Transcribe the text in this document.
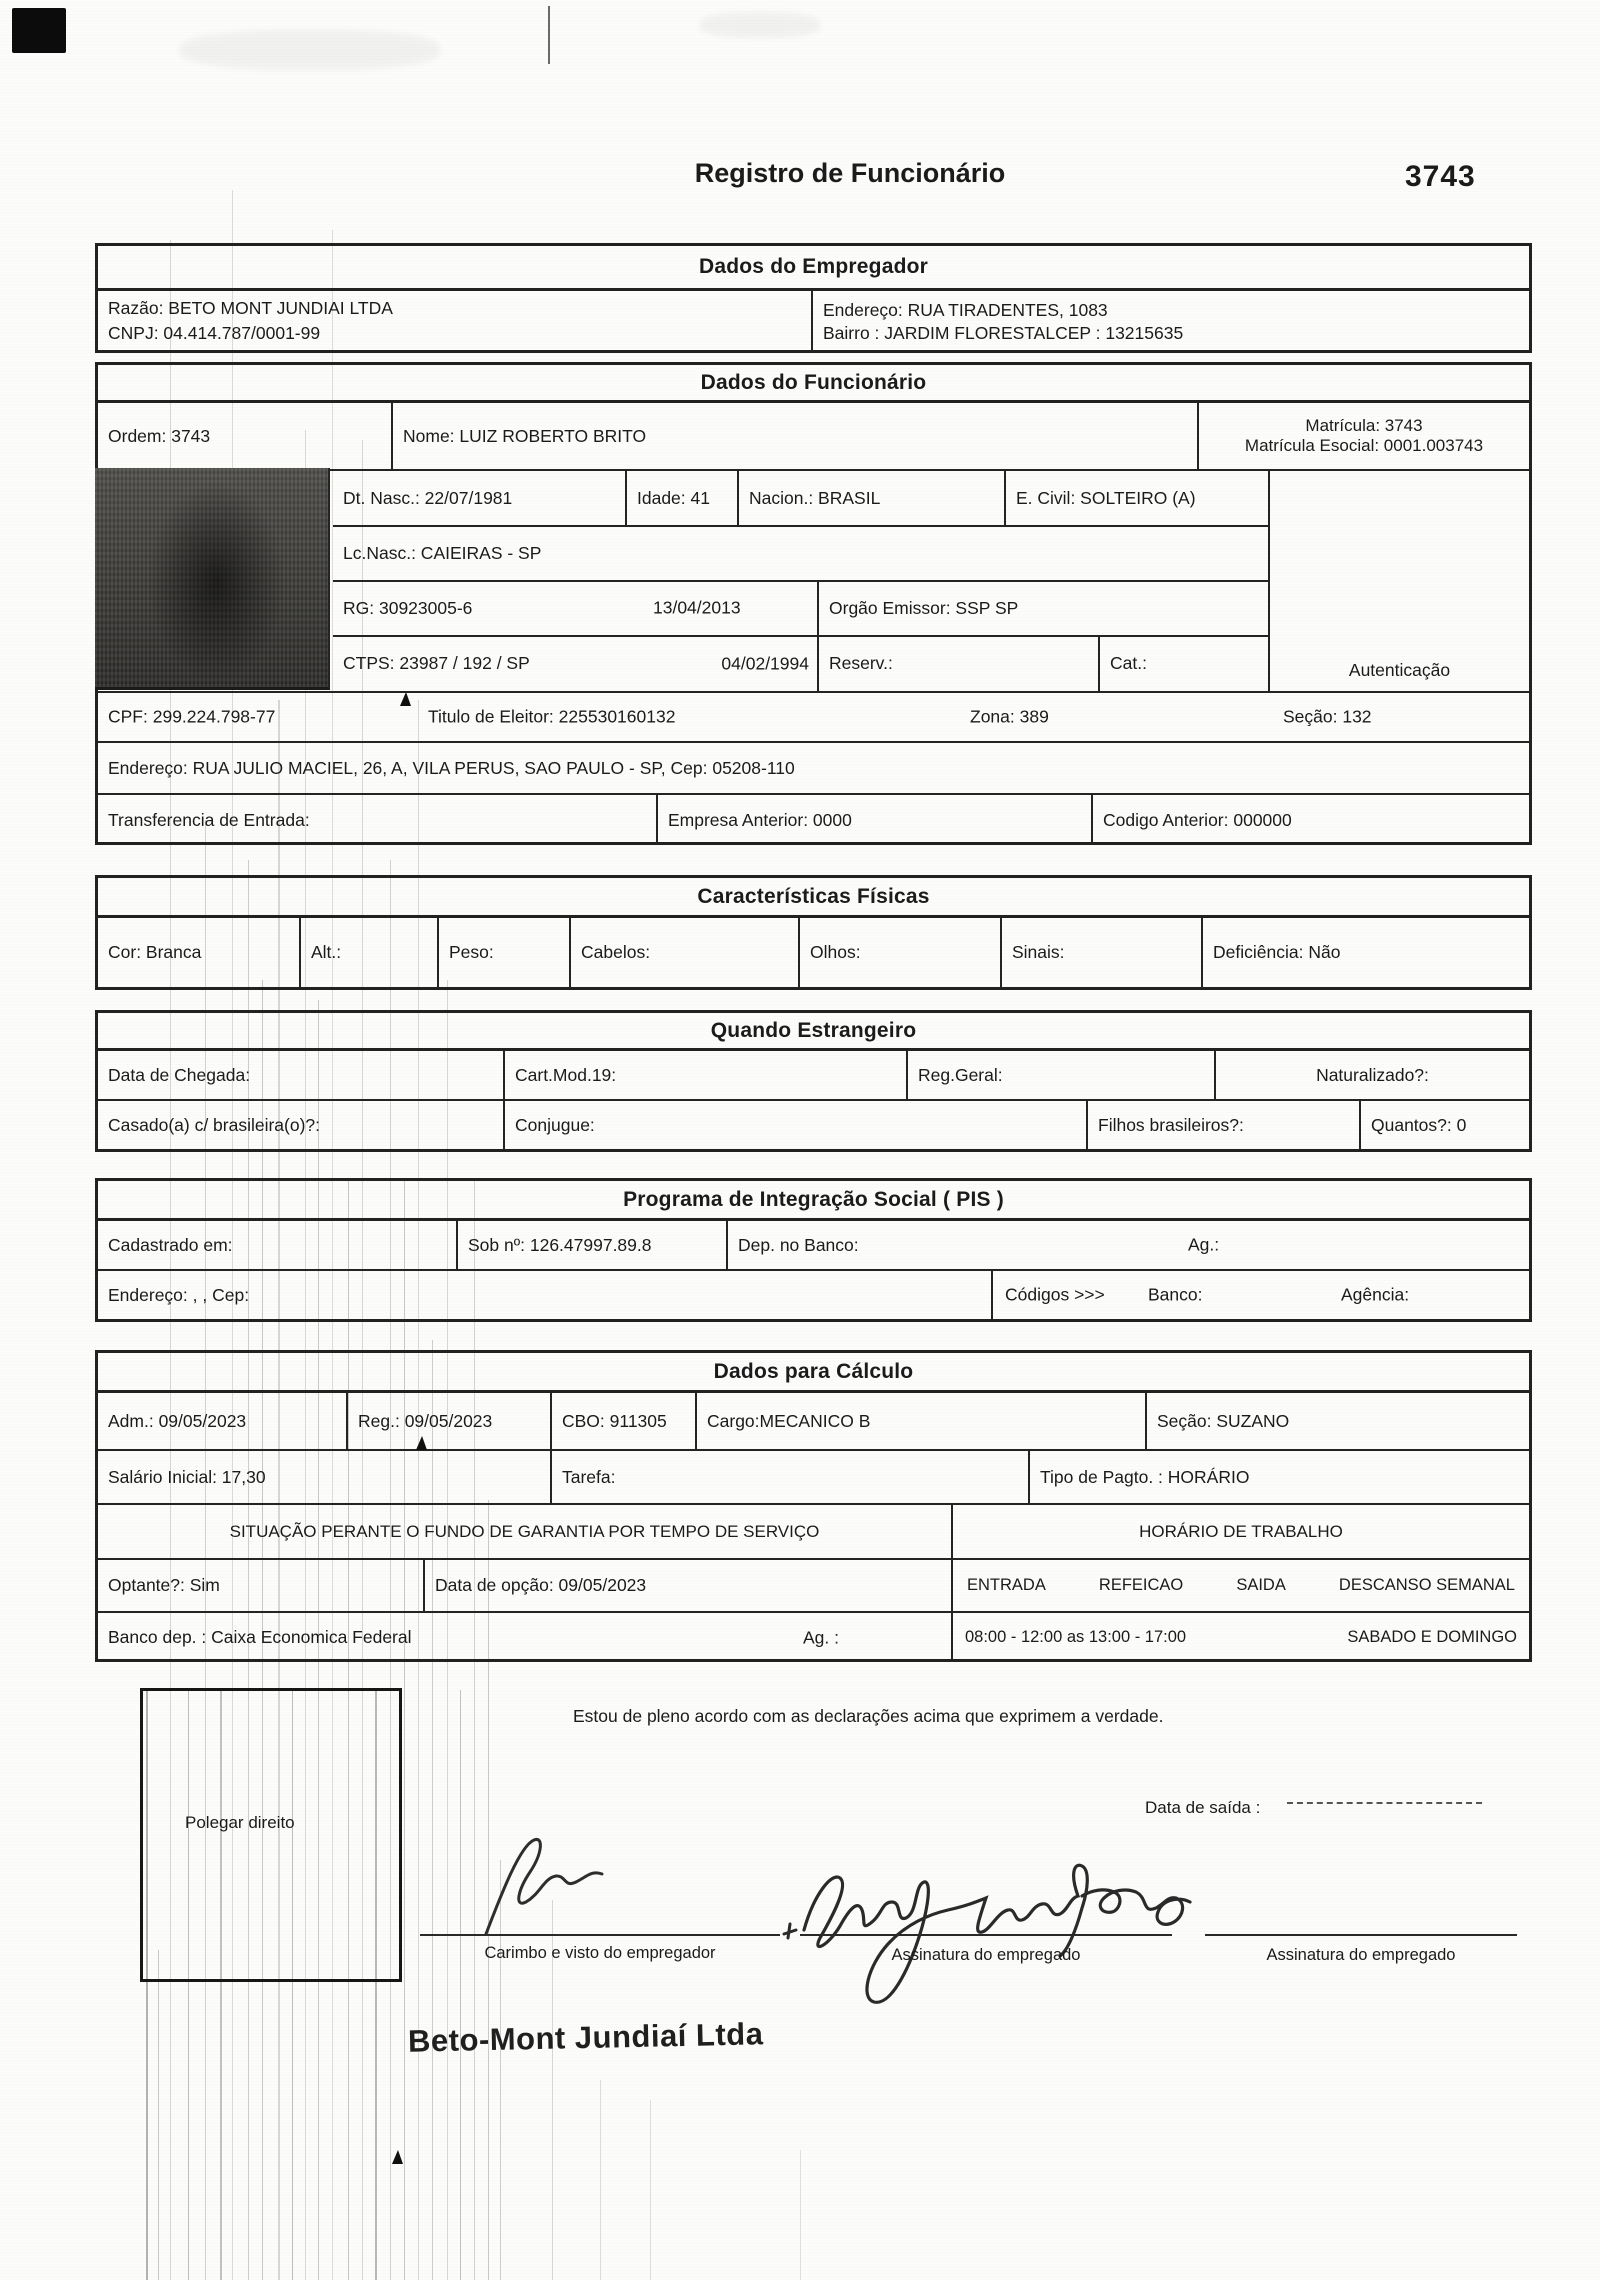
Registro de Funcionário	3743
Dados do Empregador
Razão: BETO MONT JUNDIAI LTDA
CNPJ: 04.414.787/0001-99
Endereço: RUA TIRADENTES, 1083
Bairro : JARDIM FLORESTAL CEP : 13215635
Dados do Funcionário
Ordem: 3743	Nome: LUIZ ROBERTO BRITO	Matrícula: 3743
Matrícula Esocial: 0001.003743
Dt. Nasc.: 22/07/1981	Idade: 41	Nacion.: BRASIL	E. Civil: SOLTEIRO (A)
Lc.Nasc.: CAIEIRAS - SP
RG: 30923005-6	13/04/2013	Orgão Emissor: SSP SP
CTPS: 23987 / 192 / SP	04/02/1994	Reserv.:	Cat.:	Autenticação
CPF: 299.224.798-77	Titulo de Eleitor: 225530160132	Zona: 389	Seção: 132
Endereço: RUA JULIO MACIEL, 26, A, VILA PERUS, SAO PAULO - SP, Cep: 05208-110
Transferencia de Entrada:	Empresa Anterior: 0000	Codigo Anterior: 000000
Características Físicas
Cor: Branca	Alt.:	Peso:	Cabelos:	Olhos:	Sinais:	Deficiência: Não
Quando Estrangeiro
Data de Chegada:	Cart.Mod.19:	Reg.Geral:	Naturalizado?:
Casado(a) c/ brasileira(o)?:	Conjugue:	Filhos brasileiros?:	Quantos?: 0
Programa de Integração Social ( PIS )
Cadastrado em:	Sob nº: 126.47997.89.8	Dep. no Banco:	Ag.:
Endereço: , , Cep:	Códigos >>> Banco:	Agência:
Dados para Cálculo
Adm.: 09/05/2023	Reg.: 09/05/2023	CBO: 911305	Cargo:MECANICO B	Seção: SUZANO
Salário Inicial: 17,30	Tarefa:	Tipo de Pagto. : HORÁRIO
SITUAÇÃO PERANTE O FUNDO DE GARANTIA POR TEMPO DE SERVIÇO
Optante?: Sim	Data de opção: 09/05/2023
Banco dep. : Caixa Economica Federal	Ag. :
HORÁRIO DE TRABALHO
ENTRADA	REFEICAO	SAIDA	DESCANSO SEMANAL
08:00 - 12:00 as 13:00 - 17:00	SABADO E DOMINGO
Polegar direito
Estou de pleno acordo com as declarações acima que exprimem a verdade.
Data de saída :
Carimbo e visto do empregador	Assinatura do empregado	Assinatura do empregado
Beto-Mont Jundiaí Ltda
